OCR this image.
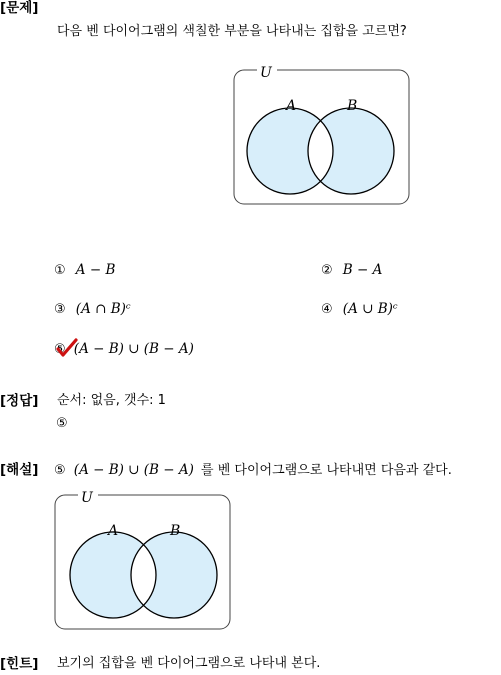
[문제]
다음 벤 다이어그램의 색칠한 부분을 나타내는 집합을 고르면?
U
A	B
① A − B	② B − A
③ (A ∩ B)ᶜ	④ (A ∪ B)ᶜ
⑤ (A − B) ∪ (B − A)
[정답] 순서: 없음, 갯수: 1
⑤
[해설] ⑤ (A − B) ∪ (B − A) 를 벤 다이어그램으로 나타내면 다음과 같다.
U
A	B
[힌트] 보기의 집합을 벤 다이어그램으로 나타내 본다.
